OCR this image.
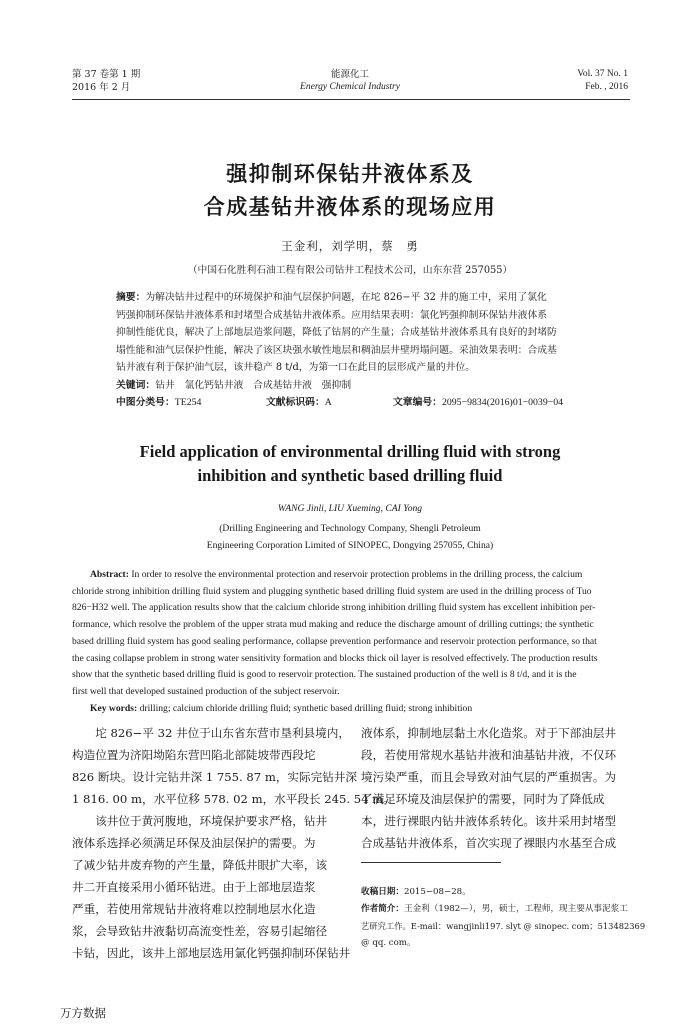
第 37 卷第 1 期
2016 年 2 月
能源化工
Energy Chemical Industry
Vol. 37 No. 1
Feb. , 2016
强抑制环保钻井液体系及
合成基钻井液体系的现场应用
王金利，刘学明，蔡　勇
（中国石化胜利石油工程有限公司钻井工程技术公司，山东东营 257055）
摘要：为解决钻井过程中的环境保护和油气层保护问题，在坨 826−平 32 井的施工中，采用了氯化
钙强抑制环保钻井液体系和封堵型合成基钻井液体系。应用结果表明：氯化钙强抑制环保钻井液体系
抑制性能优良，解决了上部地层造浆问题，降低了钻屑的产生量；合成基钻井液体系具有良好的封堵防
塌性能和油气层保护性能，解决了该区块强水敏性地层和稠油层井壁坍塌问题。采油效果表明：合成基
钻井液有利于保护油气层，该井稳产 8 t/d，为第一口在此目的层形成产量的井位。
关键词：钻井　氯化钙钻井液　合成基钻井液　强抑制
中图分类号：TE254	文献标识码：A	文章编号：2095−9834(2016)01−0039−04
Field application of environmental drilling fluid with strong
inhibition and synthetic based drilling fluid
WANG Jinli, LIU Xueming, CAI Yong
(Drilling Engineering and Technology Company, Shengli Petroleum
Engineering Corporation Limited of SINOPEC, Dongying 257055, China)
Abstract: In order to resolve the environmental protection and reservoir protection problems in the drilling process, the calcium
chloride strong inhibition drilling fluid system and plugging synthetic based drilling fluid system are used in the drilling process of Tuo
826−H32 well. The application results show that the calcium chloride strong inhibition drilling fluid system has excellent inhibition per-
formance, which resolve the problem of the upper strata mud making and reduce the discharge amount of drilling cuttings; the synthetic
based drilling fluid system has good sealing performance, collapse prevention performance and reservoir protection performance, so that
the casing collapse problem in strong water sensitivity formation and blocks thick oil layer is resolved effectively. The production results
show that the synthetic based drilling fluid is good to reservoir protection. The sustained production of the well is 8 t/d, and it is the
first well that developed sustained production of the subject reservoir.
Key words: drilling; calcium chloride drilling fluid; synthetic based drilling fluid; strong inhibition
　　坨 826−平 32 井位于山东省东营市垦利县境内，
构造位置为济阳坳陷东营凹陷北部陡坡带西段坨
826 断块。设计完钻井深 1 755. 87 m，实际完钻井深
1 816. 00 m，水平位移 578. 02 m，水平段长 245. 54 m。
　　该井位于黄河腹地，环境保护要求严格，钻井
液体系选择必须满足环保及油层保护的需要。为
了减少钻井废弃物的产生量，降低井眼扩大率，该
井二开直接采用小循环钻进。由于上部地层造浆
严重，若使用常规钻井液将难以控制地层水化造
浆，会导致钻井液黏切高流变性差，容易引起缩径
卡钻，因此，该井上部地层选用氯化钙强抑制环保钻井
液体系，抑制地层黏土水化造浆。对于下部油层井
段，若使用常规水基钻井液和油基钻井液，不仅环
境污染严重，而且会导致对油气层的严重损害。为
了满足环境及油层保护的需要，同时为了降低成
本，进行裸眼内钻井液体系转化。该井采用封堵型
合成基钻井液体系，首次实现了裸眼内水基至合成
收稿日期：2015−08−28。
作者简介：王金利（1982—），男，硕士，工程师，现主要从事泥浆工
艺研究工作。E-mail：wangjinli197. slyt @ sinopec. com；513482369
@ qq. com。
万方数据
